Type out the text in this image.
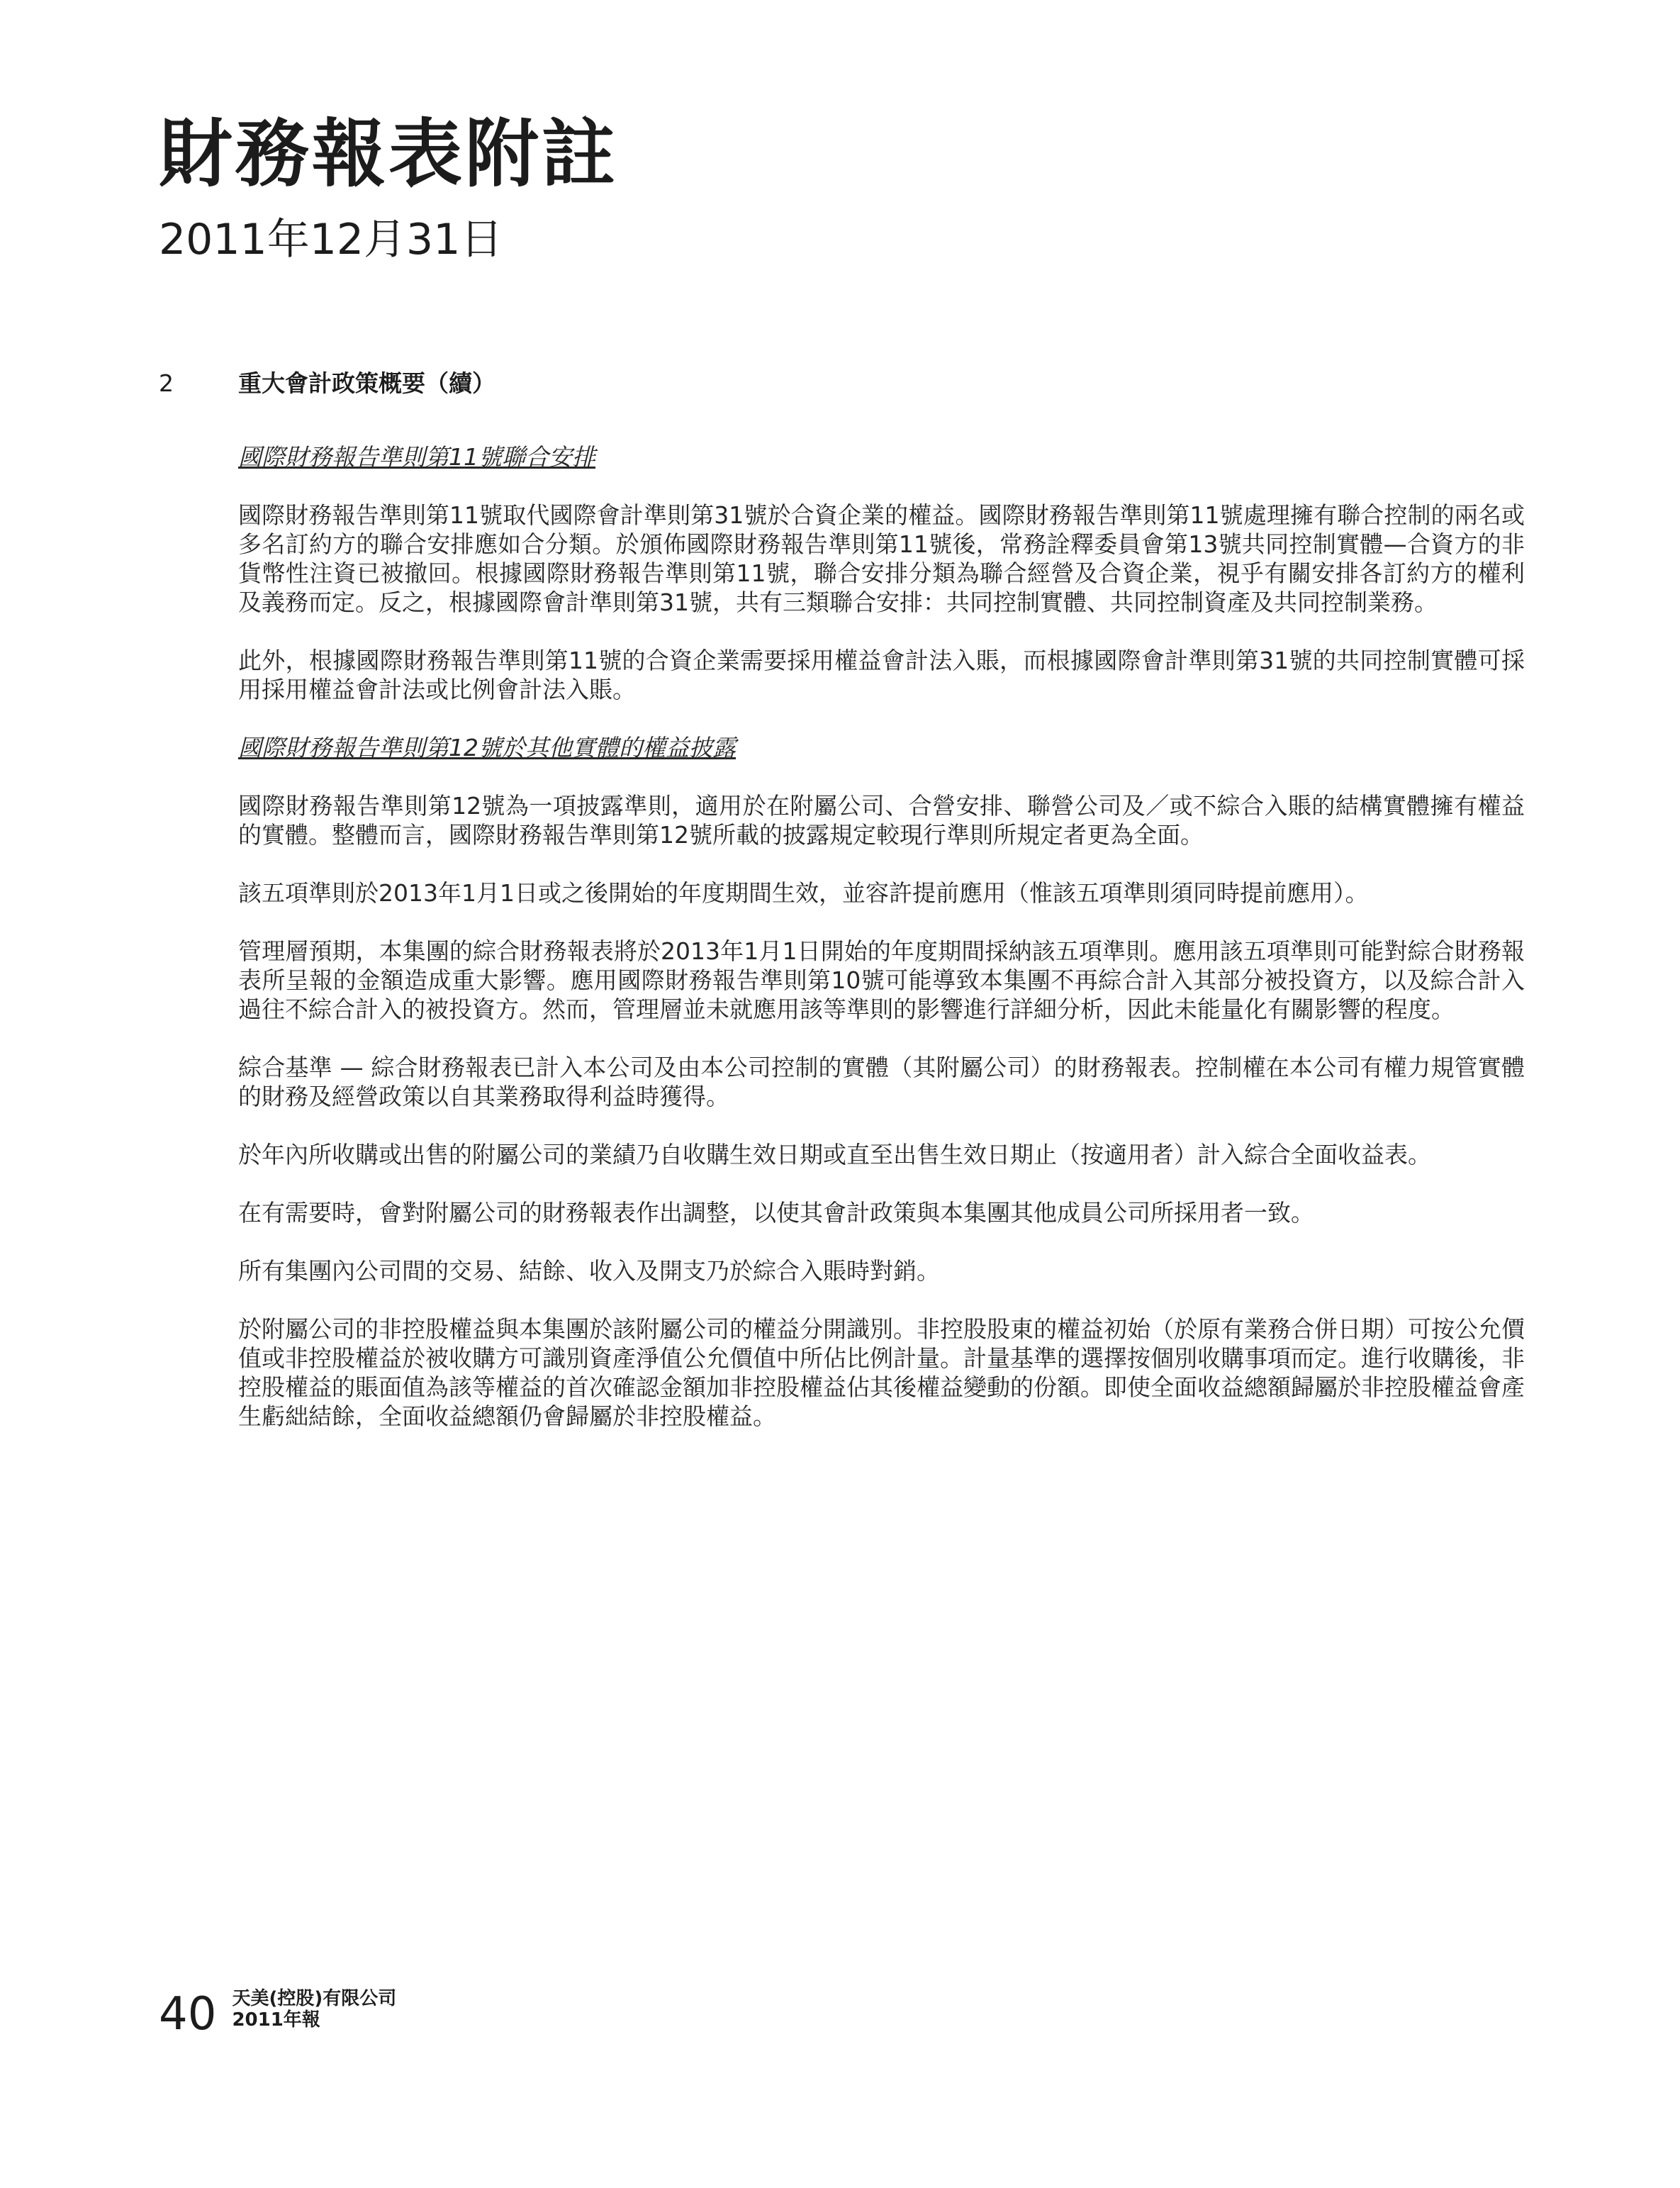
財務報表附註
2011年12月31日
2	重大會計政策概要（續）

國際財務報告準則第11號聯合安排

國際財務報告準則第11號取代國際會計準則第31號於合資企業的權益。國際財務報告準則第11號處理擁有聯合控制的兩名或多名訂約方的聯合安排應如合分類。於頒佈國際財務報告準則第11號後，常務詮釋委員會第13號共同控制實體—合資方的非貨幣性注資已被撤回。根據國際財務報告準則第11號，聯合安排分類為聯合經營及合資企業，視乎有關安排各訂約方的權利及義務而定。反之，根據國際會計準則第31號，共有三類聯合安排：共同控制實體、共同控制資產及共同控制業務。

此外，根據國際財務報告準則第11號的合資企業需要採用權益會計法入賬，而根據國際會計準則第31號的共同控制實體可採用採用權益會計法或比例會計法入賬。

國際財務報告準則第12號於其他實體的權益披露

國際財務報告準則第12號為一項披露準則，適用於在附屬公司、合營安排、聯營公司及／或不綜合入賬的結構實體擁有權益的實體。整體而言，國際財務報告準則第12號所載的披露規定較現行準則所規定者更為全面。

該五項準則於2013年1月1日或之後開始的年度期間生效，並容許提前應用（惟該五項準則須同時提前應用）。

管理層預期，本集團的綜合財務報表將於2013年1月1日開始的年度期間採納該五項準則。應用該五項準則可能對綜合財務報表所呈報的金額造成重大影響。應用國際財務報告準則第10號可能導致本集團不再綜合計入其部分被投資方，以及綜合計入過往不綜合計入的被投資方。然而，管理層並未就應用該等準則的影響進行詳細分析，因此未能量化有關影響的程度。

綜合基準 — 綜合財務報表已計入本公司及由本公司控制的實體（其附屬公司）的財務報表。控制權在本公司有權力規管實體的財務及經營政策以自其業務取得利益時獲得。

於年內所收購或出售的附屬公司的業績乃自收購生效日期或直至出售生效日期止（按適用者）計入綜合全面收益表。

在有需要時，會對附屬公司的財務報表作出調整，以使其會計政策與本集團其他成員公司所採用者一致。

所有集團內公司間的交易、結餘、收入及開支乃於綜合入賬時對銷。

於附屬公司的非控股權益與本集團於該附屬公司的權益分開識別。非控股股東的權益初始（於原有業務合併日期）可按公允價值或非控股權益於被收購方可識別資產淨值公允價值中所佔比例計量。計量基準的選擇按個別收購事項而定。進行收購後，非控股權益的賬面值為該等權益的首次確認金額加非控股權益佔其後權益變動的份額。即使全面收益總額歸屬於非控股權益會產生虧絀結餘，全面收益總額仍會歸屬於非控股權益。

40 天美(控股)有限公司
2011年報
